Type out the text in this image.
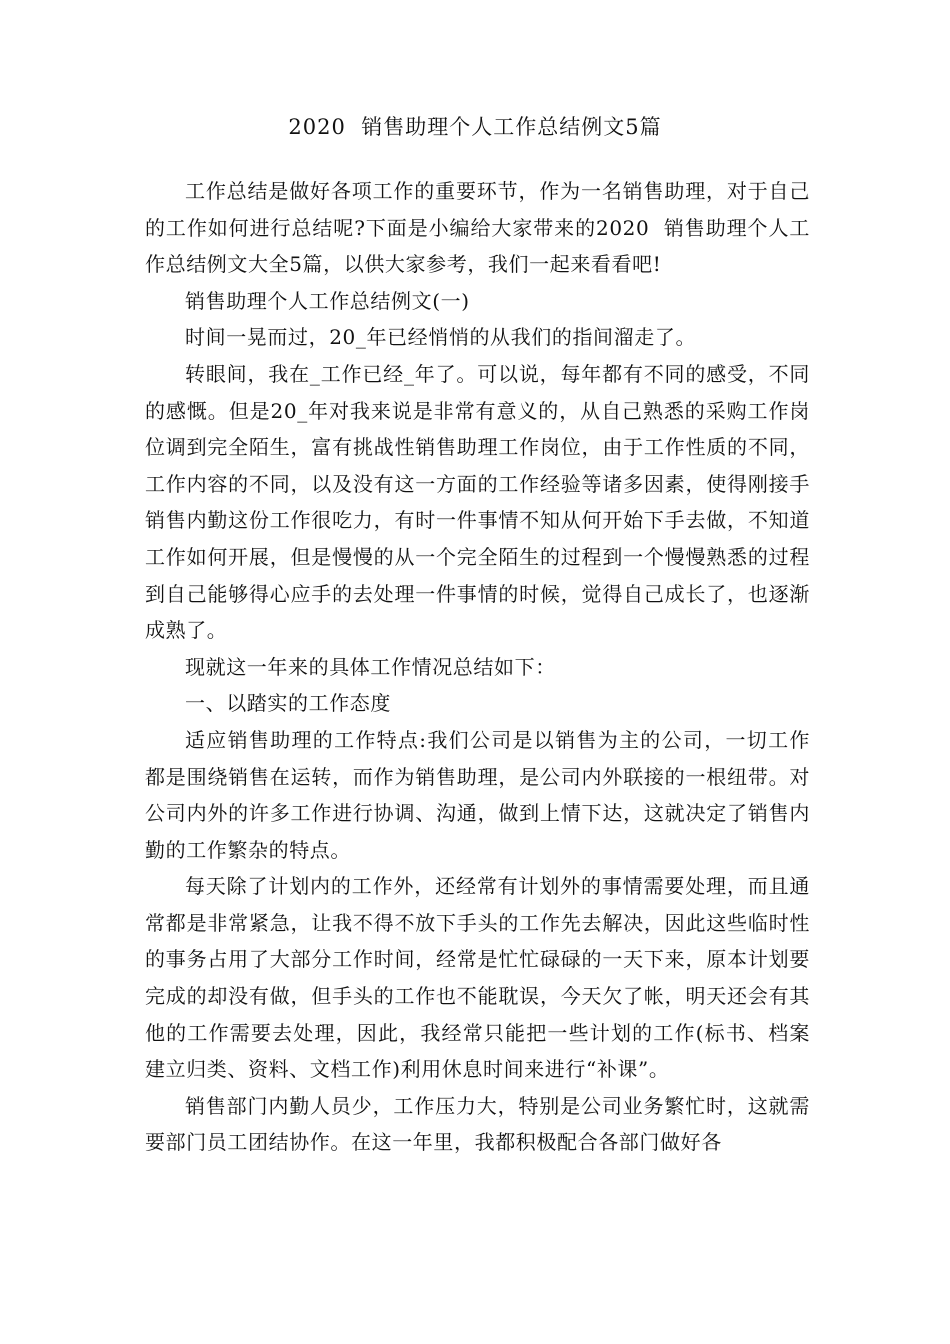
2020  销售助理个人工作总结例文5篇

工作总结是做好各项工作的重要环节，作为一名销售助理，对于自己的工作如何进行总结呢?下面是小编给大家带来的2020  销售助理个人工作总结例文大全5篇，以供大家参考，我们一起来看看吧!

销售助理个人工作总结例文(一)

时间一晃而过，20_年已经悄悄的从我们的指间溜走了。

转眼间，我在_工作已经_年了。可以说，每年都有不同的感受，不同的感慨。但是20_年对我来说是非常有意义的，从自己熟悉的采购工作岗位调到完全陌生，富有挑战性销售助理工作岗位，由于工作性质的不同，工作内容的不同，以及没有这一方面的工作经验等诸多因素，使得刚接手销售内勤这份工作很吃力，有时一件事情不知从何开始下手去做，不知道工作如何开展，但是慢慢的从一个完全陌生的过程到一个慢慢熟悉的过程到自己能够得心应手的去处理一件事情的时候，觉得自己成长了，也逐渐成熟了。

现就这一年来的具体工作情况总结如下：

一、以踏实的工作态度

适应销售助理的工作特点:我们公司是以销售为主的公司，一切工作都是围绕销售在运转，而作为销售助理，是公司内外联接的一根纽带。对公司内外的许多工作进行协调、沟通，做到上情下达，这就决定了销售内勤的工作繁杂的特点。

每天除了计划内的工作外，还经常有计划外的事情需要处理，而且通常都是非常紧急，让我不得不放下手头的工作先去解决，因此这些临时性的事务占用了大部分工作时间，经常是忙忙碌碌的一天下来，原本计划要完成的却没有做，但手头的工作也不能耽误，今天欠了帐，明天还会有其他的工作需要去处理，因此，我经常只能把一些计划的工作(标书、档案建立归类、资料、文档工作)利用休息时间来进行“补课”。

销售部门内勤人员少，工作压力大，特别是公司业务繁忙时，这就需要部门员工团结协作。在这一年里，我都积极配合各部门做好各
